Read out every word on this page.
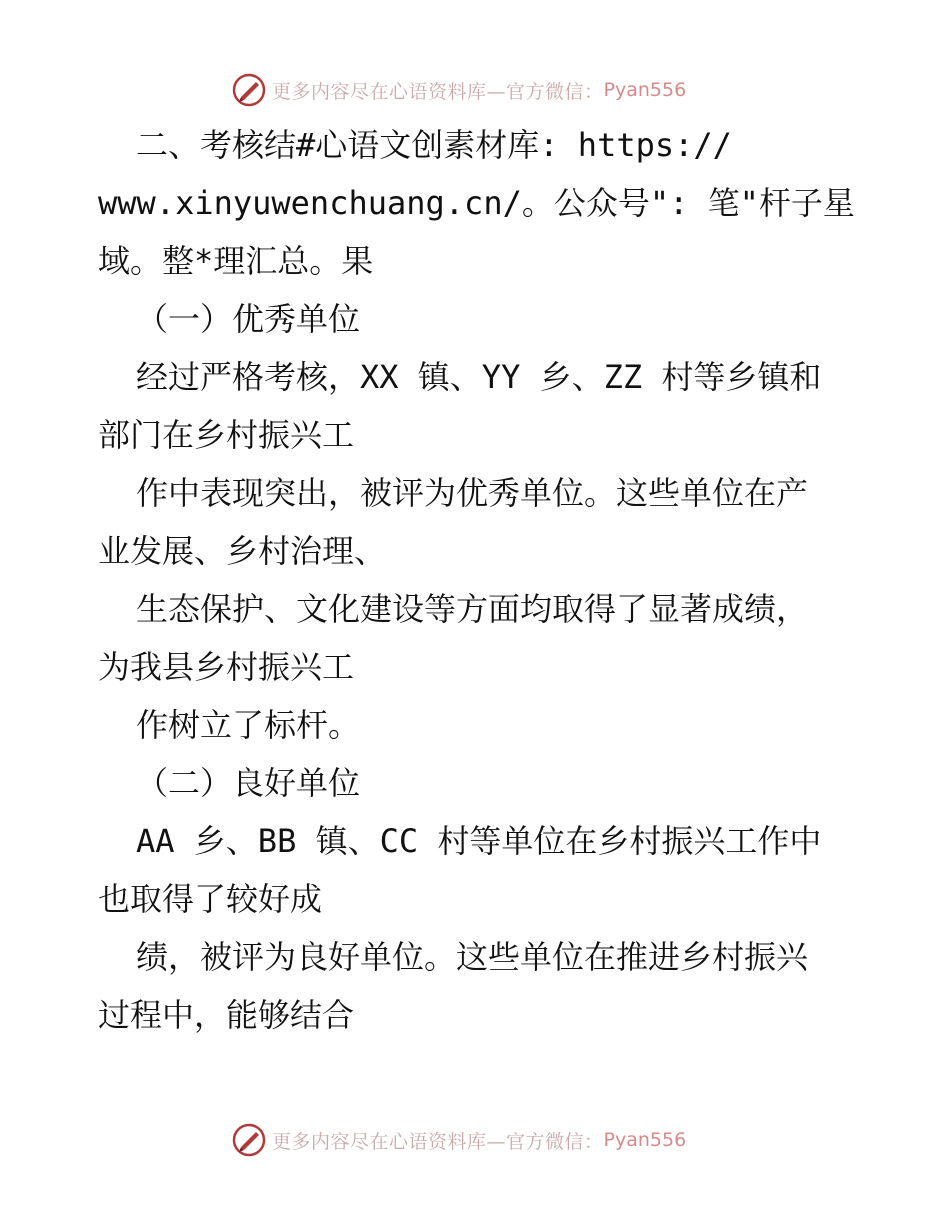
更多内容尽在心语资料库—官方微信： Pyan556
二、考核结#心语文创素材库: https://
www.xinyuwenchuang.cn/。公众号": 笔"杆子星
域。整*理汇总。果
（一）优秀单位
经过严格考核，XX 镇、YY 乡、ZZ 村等乡镇和
部门在乡村振兴工
作中表现突出，被评为优秀单位。这些单位在产
业发展、乡村治理、
生态保护、文化建设等方面均取得了显著成绩，
为我县乡村振兴工
作树立了标杆。
（二）良好单位
AA 乡、BB 镇、CC 村等单位在乡村振兴工作中
也取得了较好成
绩，被评为良好单位。这些单位在推进乡村振兴
过程中，能够结合
更多内容尽在心语资料库—官方微信： Pyan556
